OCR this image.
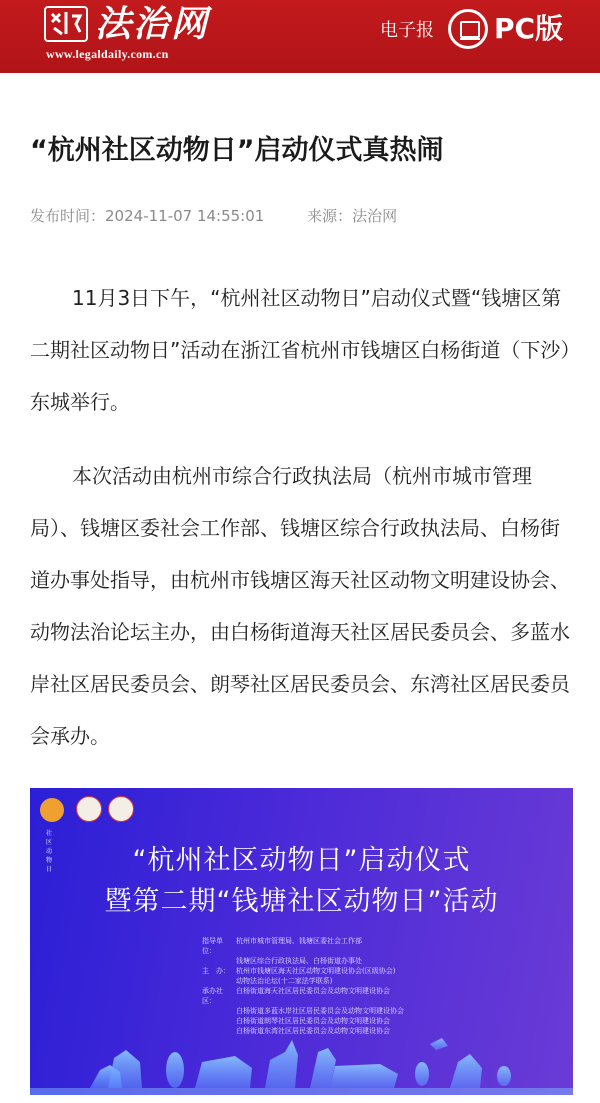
法治网
www.legaldaily.com.cn
电子报 PC版
“杭州社区动物日”启动仪式真热闹
发布时间：2024-11-07 14:55:01	来源：法治网
11月3日下午，“杭州社区动物日”启动仪式暨“钱塘区第二期社区动物日”活动在浙江省杭州市钱塘区白杨街道（下沙）东城举行。
本次活动由杭州市综合行政执法局（杭州市城市管理局）、钱塘区委社会工作部、钱塘区综合行政执法局、白杨街道办事处指导，由杭州市钱塘区海天社区动物文明建设协会、动物法治论坛主办，由白杨街道海天社区居民委员会、多蓝水岸社区居民委员会、朗琴社区居民委员会、东湾社区居民委员会承办。
社区动物日	“杭州社区动物日”启动仪式
暨第二期“钱塘社区动物日”活动
指导单位：
杭州市城市管理局、钱塘区委社会工作部
钱塘区综合行政执法局、白杨街道办事处
主　办： 杭州市钱塘区海天社区动物文明建设协会(区级协会)
动物法治论坛(十二家法学联系)
承办社区：
白杨街道海天社区居民委员会及动物文明建设协会
白杨街道多蓝水岸社区居民委员会及动物文明建设协会
白杨街道朗琴社区居民委员会及动物文明建设协会
白杨街道东湾社区居民委员会及动物文明建设协会
